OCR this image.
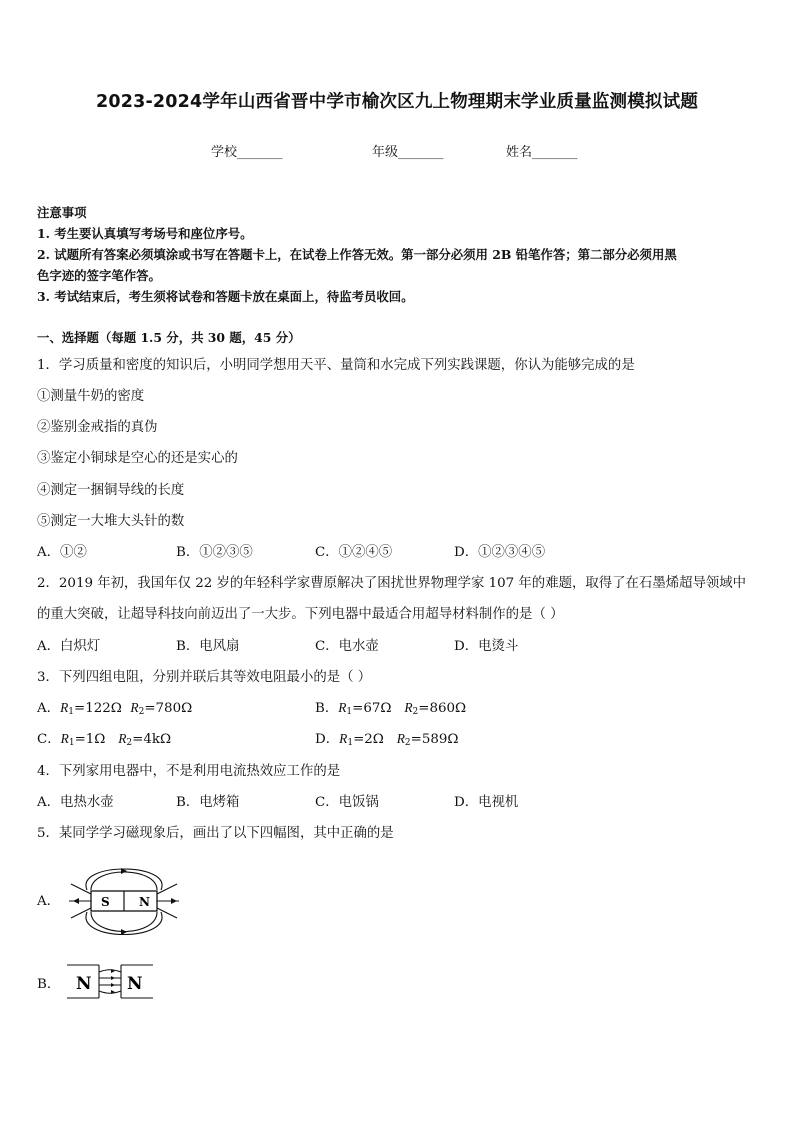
2023-2024学年山西省晋中学市榆次区九上物理期末学业质量监测模拟试题
学校_______	年级_______	姓名_______
注意事项
1. 考生要认真填写考场号和座位序号。
2. 试题所有答案必须填涂或书写在答题卡上，在试卷上作答无效。第一部分必须用 2B 铅笔作答；第二部分必须用黑
色字迹的签字笔作答。
3. 考试结束后，考生须将试卷和答题卡放在桌面上，待监考员收回。
一、选择题（每题 1.5 分，共 30 题，45 分）
1．学习质量和密度的知识后，小明同学想用天平、量筒和水完成下列实践课题，你认为能够完成的是
①测量牛奶的密度
②鉴别金戒指的真伪
③鉴定小铜球是空心的还是实心的
④测定一捆铜导线的长度
⑤测定一大堆大头针的数
A．①②	B．①②③⑤	C．①②④⑤	D．①②③④⑤
2．2019 年初，我国年仅 22 岁的年轻科学家曹原解决了困扰世界物理学家 107 年的难题，取得了在石墨烯超导领域中
的重大突破，让超导科技向前迈出了一大步。下列电器中最适合用超导材料制作的是（ ）
A．白炽灯	B．电风扇	C．电水壶	D．电烫斗
3．下列四组电阻，分别并联后其等效电阻最小的是（ ）
A．$R_1=122\Omega$ $R_2=780\Omega$	B．$R_1=67\Omega$ $R_2=860\Omega$
C．$R_1=1\Omega$ $R_2=4k\Omega$	D．$R_1=2\Omega$ $R_2=589\Omega$
4．下列家用电器中，不是利用电流热效应工作的是
A．电热水壶	B．电烤箱	C．电饭锅	D．电视机
5．某同学学习磁现象后，画出了以下四幅图，其中正确的是
A．	S N
B． N N
